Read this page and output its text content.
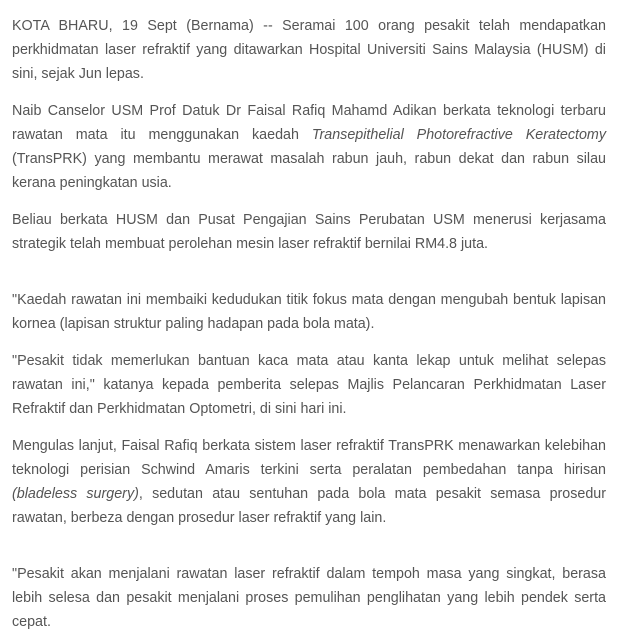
KOTA BHARU, 19 Sept (Bernama) -- Seramai 100 orang pesakit telah mendapatkan perkhidmatan laser refraktif yang ditawarkan Hospital Universiti Sains Malaysia (HUSM) di sini, sejak Jun lepas.

Naib Canselor USM Prof Datuk Dr Faisal Rafiq Mahamd Adikan berkata teknologi terbaru rawatan mata itu menggunakan kaedah Transepithelial Photorefractive Keratectomy (TransPRK) yang membantu merawat masalah rabun jauh, rabun dekat dan rabun silau kerana peningkatan usia.

Beliau berkata HUSM dan Pusat Pengajian Sains Perubatan USM menerusi kerjasama strategik telah membuat perolehan mesin laser refraktif bernilai RM4.8 juta.

"Kaedah rawatan ini membaiki kedudukan titik fokus mata dengan mengubah bentuk lapisan kornea (lapisan struktur paling hadapan pada bola mata).

"Pesakit tidak memerlukan bantuan kaca mata atau kanta lekap untuk melihat selepas rawatan ini," katanya kepada pemberita selepas Majlis Pelancaran Perkhidmatan Laser Refraktif dan Perkhidmatan Optometri, di sini hari ini.

Mengulas lanjut, Faisal Rafiq berkata sistem laser refraktif TransPRK menawarkan kelebihan teknologi perisian Schwind Amaris terkini serta peralatan pembedahan tanpa hirisan (bladeless surgery), sedutan atau sentuhan pada bola mata pesakit semasa prosedur rawatan, berbeza dengan prosedur laser refraktif yang lain.

"Pesakit akan menjalani rawatan laser refraktif dalam tempoh masa yang singkat, berasa lebih selesa dan pesakit menjalani proses pemulihan penglihatan yang lebih pendek serta cepat.
